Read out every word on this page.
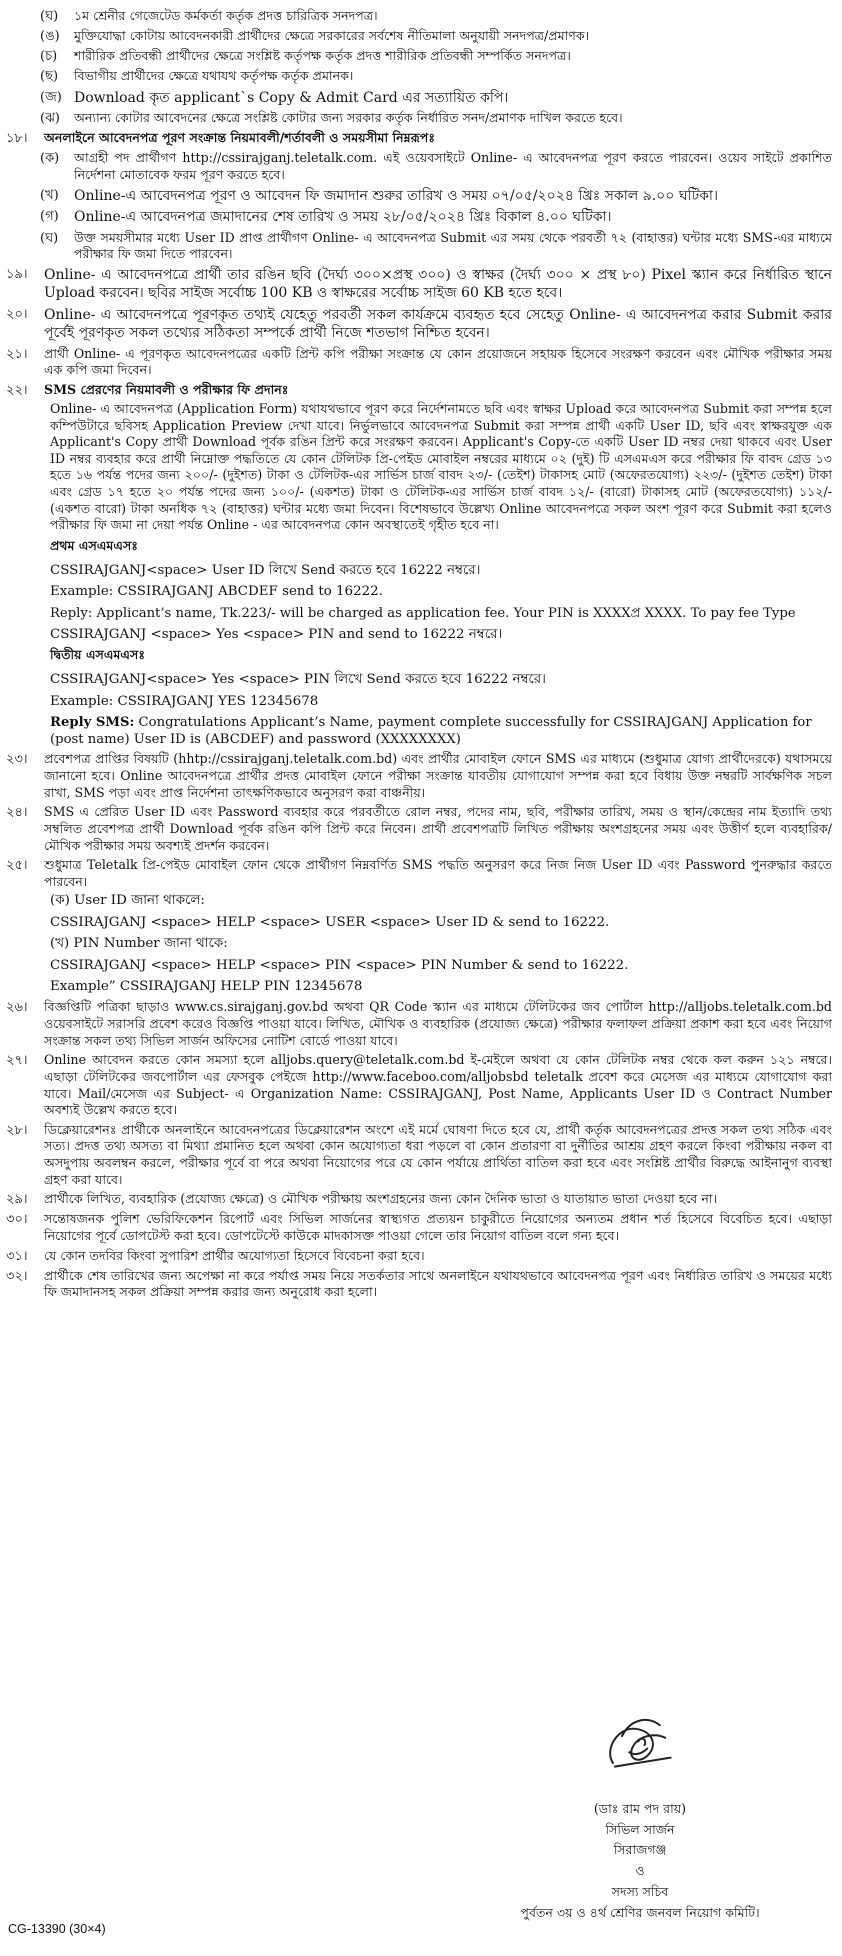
(ঘ)	১ম শ্রেনীর গেজেটেড কর্মকর্তা কর্তৃক প্রদত্ত চারিত্রিক সনদপত্র।
(ঙ)	মুক্তিযোদ্ধা কোটায় আবেদনকারী প্রার্থীদের ক্ষেত্রে সরকারের সর্বশেষ নীতিমালা অনুযায়ী সনদপত্র/প্রমাণক।
(চ)	শারীরিক প্রতিবন্ধী প্রার্থীদের ক্ষেত্রে সংশ্লিষ্ট কর্তৃপক্ষ কর্তৃক প্রদত্ত শারীরিক প্রতিবন্ধী সম্পর্কিত সনদপত্র।
(ছ)	বিভাগীয় প্রার্থীদের ক্ষেত্রে যথাযথ কর্তৃপক্ষ কর্তৃক প্রমানক।
(জ) Download কৃত applicant`s Copy & Admit Card এর সত্যায়িত কপি।
(ঝ)	অন্যান্য কোটার আবেদনের ক্ষেত্রে সংশ্লিষ্ট কোটার জন্য সরকার কর্তৃক নির্ধারিত সনদ/প্রমাণক দাখিল করতে হবে।
১৮।	অনলাইনে আবেদনপত্র পূরণ সংক্রান্ত নিয়মাবলী/শর্তাবলী ও সময়সীমা নিম্নরূপঃ
(ক)	আগ্রহী পদ প্রার্থীগণ http://cssirajganj.teletalk.com. এই ওয়েবসাইটে Online- এ আবেদনপত্র পূরণ করতে পারবেন। ওয়েব সাইটে প্রকাশিত নির্দেশনা মোতাবেক ফরম পূরণ করতে হবে।
(খ)	Online-এ আবেদনপত্র পূরণ ও আবেদন ফি জমাদান শুরুর তারিখ ও সময় ০৭/০৫/২০২৪ খ্রিঃ সকাল ৯.০০ ঘটিকা।
(গ)	Online-এ আবেদনপত্র জমাদানের শেষ তারিখ ও সময় ২৮/০৫/২০২৪ খ্রিঃ বিকাল ৪.০০ ঘটিকা।
(ঘ)	উক্ত সময়সীমার মধ্যে User ID প্রাপ্ত প্রার্থীগণ Online- এ আবেদনপত্র Submit এর সময় থেকে পরবর্তী ৭২ (বাহাত্তর) ঘন্টার মধ্যে SMS-এর মাধ্যমে পরীক্ষার ফি জমা দিতে পারবেন।
১৯।	Online- এ আবেদনপত্রে প্রার্থী তার রঙিন ছবি (দৈর্ঘ্য ৩০০×প্রস্থ ৩০০) ও স্বাক্ষর (দৈর্ঘ্য ৩০০ × প্রস্থ ৮০) Pixel স্ক্যান করে নির্ধারিত স্থানে Upload করবেন। ছবির সাইজ সর্বোচ্চ 100 KB ও স্বাক্ষরের সর্বোচ্চ সাইজ 60 KB হতে হবে।
২০।	Online- এ আবেদনপত্রে পূরণকৃত তথ্যই যেহেতু পরবর্তী সকল কার্যক্রমে ব্যবহৃত হবে সেহেতু Online- এ আবেদনপত্র করার Submit করার পূর্বেই পূরণকৃত সকল তথ্যের সঠিকতা সম্পর্কে প্রার্থী নিজে শতভাগ নিশ্চিত হবেন।
২১।	প্রার্থী Online- এ পূরণকৃত আবেদনপত্রের একটি প্রিন্ট কপি পরীক্ষা সংক্রান্ত যে কোন প্রয়োজনে সহায়ক হিসেবে সংরক্ষণ করবেন এবং মৌখিক পরীক্ষার সময় এক কপি জমা দিবেন।
২২।	SMS প্রেরণের নিয়মাবলী ও পরীক্ষার ফি প্রদানঃ
Online- এ আবেদনপত্র (Application Form) যথাযথভাবে পূরণ করে নির্দেশনামতে ছবি এবং স্বাক্ষর Upload করে আবেদনপত্র Submit করা সম্পন্ন হলে কম্পিউটারে ছবিসহ Application Preview দেখা যাবে। নির্ভুলভাবে আবেদনপত্র Submit করা সম্পন্ন প্রার্থী একটি User ID, ছবি এবং স্বাক্ষরযুক্ত এক Applicant's Copy প্রার্থী Download পূর্বক রঙিন প্রিন্ট করে সংরক্ষণ করবেন। Applicant's Copy-তে একটি User ID নম্বর দেয়া থাকবে এবং User ID নম্বর ব্যবহার করে প্রার্থী নিম্নোক্ত পদ্ধতিতে যে কোন টেলিটক প্রি-পেইড মোবাইল নম্বরের মাধ্যমে ০২ (দুই) টি এসএমএস করে পরীক্ষার ফি বাবদ গ্রেড ১৩ হতে ১৬ পর্যন্ত পদের জন্য ২০০/- (দুইশত) টাকা ও টেলিটক-এর সার্ভিস চার্জ বাবদ ২৩/- (তেইশ) টাকাসহ মোট (অফেরতযোগ্য) ২২৩/- (দুইশত তেইশ) টাকা এবং গ্রেড ১৭ হতে ২০ পর্যন্ত পদের জন্য ১০০/- (একশত) টাকা ও টেলিটক-এর সার্ভিস চার্জ বাবদ ১২/- (বারো) টাকাসহ মোট (অফেরতযোগ্য) ১১২/- (একশত বারো) টাকা অনধিক ৭২ (বাহাত্তর) ঘন্টার মধ্যে জমা দিবেন। বিশেষভাবে উল্লেখ্য Online আবেদনপত্রে সকল অংশ পূরণ করে Submit করা হলেও পরীক্ষার ফি জমা না দেয়া পর্যন্ত Online - এর আবেদনপত্র কোন অবস্থাতেই গৃহীত হবে না।
প্রথম এসএমএসঃ
CSSIRAJGANJ<space> User ID লিখে Send করতে হবে 16222 নম্বরে।
Example: CSSIRAJGANJ ABCDEF send to 16222.
Reply: Applicant’s name, Tk.223/- will be charged as application fee. Your PIN is XXXXপ্র XXXX. To pay fee Type
CSSIRAJGANJ <space> Yes <space> PIN and send to 16222 নম্বরে।
দ্বিতীয় এসএমএসঃ
CSSIRAJGANJ<space> Yes <space> PIN লিখে Send করতে হবে 16222 নম্বরে।
Example: CSSIRAJGANJ YES 12345678
Reply SMS: Congratulations Applicant’s Name, payment complete successfully for CSSIRAJGANJ Application for (post name) User ID is (ABCDEF) and password (XXXXXXXX)
২৩।	প্রবেশপত্র প্রাপ্তির বিষয়টি (hhtp://cssirajganj.teletalk.com.bd) এবং প্রার্থীর মোবাইল ফোনে SMS এর মাধ্যমে (শুধুমাত্র যোগ্য প্রার্থীদেরকে) যথাসময়ে জানানো হবে। Online আবেদনপত্রে প্রার্থীর প্রদত্ত মোবাইল ফোনে পরীক্ষা সংক্রান্ত যাবতীয় যোগাযোগ সম্পন্ন করা হবে বিধায় উক্ত নম্বরটি সার্বক্ষণিক সচল রাখা, SMS পড়া এবং প্রাপ্ত নির্দেশনা তাৎক্ষণিকভাবে অনুসরণ করা বাঞ্চনীয়।
২৪।	SMS এ প্রেরিত User ID এবং Password ব্যবহার করে পরবর্তীতে রোল নম্বর, পদের নাম, ছবি, পরীক্ষার তারিখ, সময় ও স্থান/কেন্দ্রের নাম ইত্যাদি তথ্য সম্বলিত প্রবেশপত্র প্রার্থী Download পূর্বক রঙিন কপি প্রিন্ট করে নিবেন। প্রার্থী প্রবেশপত্রটি লিখিত পরীক্ষায় অংশগ্রহনের সময় এবং উত্তীর্ণ হলে ব্যবহারিক/মৌখিক পরীক্ষার সময় অবশ্যই প্রদর্শন করবেন।
২৫।	শুধুমাত্র Teletalk প্রি-পেইড মোবাইল ফোন থেকে প্রার্থীগণ নিম্নবর্ণিত SMS পদ্ধতি অনুসরণ করে নিজ নিজ User ID এবং Password পুনরুদ্ধার করতে পারবেন।
(ক) User ID জানা থাকলে:
CSSIRAJGANJ <space> HELP <space> USER <space> User ID & send to 16222.
(খ) PIN Number জানা থাকে:
CSSIRAJGANJ <space> HELP <space> PIN <space> PIN Number & send to 16222.
Example” CSSIRAJGANJ HELP PIN 12345678
২৬।	বিজ্ঞপ্তিটি পত্রিকা ছাড়াও www.cs.sirajganj.gov.bd অথবা QR Code স্ক্যান এর মাধ্যমে টেলিটকের জব পোর্টাল http://alljobs.teletalk.com.bd ওয়েবসাইটে সরাসরি প্রবেশ করেও বিজ্ঞপ্তি পাওয়া যাবে। লিখিত, মৌখিক ও ব্যবহারিক (প্রযোজ্য ক্ষেত্রে) পরীক্ষার ফলাফল প্রক্রিয়া প্রকাশ করা হবে এবং নিয়োগ সংক্রান্ত সকল তথ্য সিভিল সার্জন অফিসের নোটিশ বোর্ডে পাওয়া যাবে।
২৭।	Online আবেদন করতে কোন সমস্যা হলে alljobs.query@teletalk.com.bd ই-মেইলে অথবা যে কোন টেলিটক নম্বর থেকে কল করুন ১২১ নম্বরে। এছাড়া টেলিটকের জবপোর্টাল এর ফেসবুক পেইজে http://www.faceboo.com/alljobsbd teletalk প্রবেশ করে মেসেজ এর মাধ্যমে যোগাযোগ করা যাবে। Mail/মেসেজ এর Subject- এ Organization Name: CSSIRAJGANJ, Post Name, Applicants User ID ও Contract Number অবশ্যই উল্লেখ করতে হবে।
২৮।	ডিক্লেয়ারেশনঃ প্রার্থীকে অনলাইনে আবেদনপত্রের ডিক্লেয়ারেশন অংশে এই মর্মে ঘোষণা দিতে হবে যে, প্রার্থী কর্তৃক আবেদনপত্রের প্রদত্ত সকল তথ্য সঠিক এবং সত্য। প্রদত্ত তথ্য অসত্য বা মিথ্যা প্রমানিত হলে অথবা কোন অযোগ্যতা ধরা পড়লে বা কোন প্রতারণা বা দুর্নীতির আশ্রয় গ্রহণ করলে কিংবা পরীক্ষায় নকল বা অসদুপায় অবলম্বন করলে, পরীক্ষার পূর্বে বা পরে অথবা নিয়োগের পরে যে কোন পর্যায়ে প্রার্থিতা বাতিল করা হবে এবং সংশ্লিষ্ট প্রার্থীর বিরুদ্ধে আইনানুগ ব্যবস্থা গ্রহণ করা যাবে।
২৯।	প্রার্থীকে লিখিত, ব্যবহারিক (প্রযোজ্য ক্ষেত্রে) ও মৌখিক পরীক্ষায় অংশগ্রহনের জন্য কোন দৈনিক ভাতা ও যাতায়াত ভাতা দেওয়া হবে না।
৩০।	সন্তোষজনক পুলিশ ভেরিফিকেশন রিপোর্ট এবং সিভিল সার্জনের স্বাস্থ্যগত প্রত্যয়ন চাকুরীতে নিয়োগের অন্যতম প্রধান শর্ত হিসেবে বিবেচিত হবে। এছাড়া নিয়োগের পূর্বে ডোপটেস্ট করা হবে। ডোপটেস্টে কাউকে মাদকাসক্ত পাওয়া গেলে তার নিয়োগ বাতিল বলে গন্য হবে।
৩১।	যে কোন তদবির কিংবা সুপারিশ প্রার্থীর অযোগ্যতা হিসেবে বিবেচনা করা হবে।
৩২।	প্রার্থীকে শেষ তারিখের জন্য অপেক্ষা না করে পর্যাপ্ত সময় নিয়ে সতর্কতার সাথে অনলাইনে যথাযথভাবে আবেদনপত্র পূরণ এবং নির্ধারিত তারিখ ও সময়ের মধ্যে ফি জমাদানসহ সকল প্রক্রিয়া সম্পন্ন করার জন্য অনুরোধ করা হলো।
(ডাঃ রাম পদ রায়)
সিভিল সার্জন
সিরাজগঞ্জ
ও
সদস্য সচিব
পুর্বতন ৩য় ও ৪র্থ শ্রেণির জনবল নিয়োগ কমিটি।
CG-13390 (30×4)
